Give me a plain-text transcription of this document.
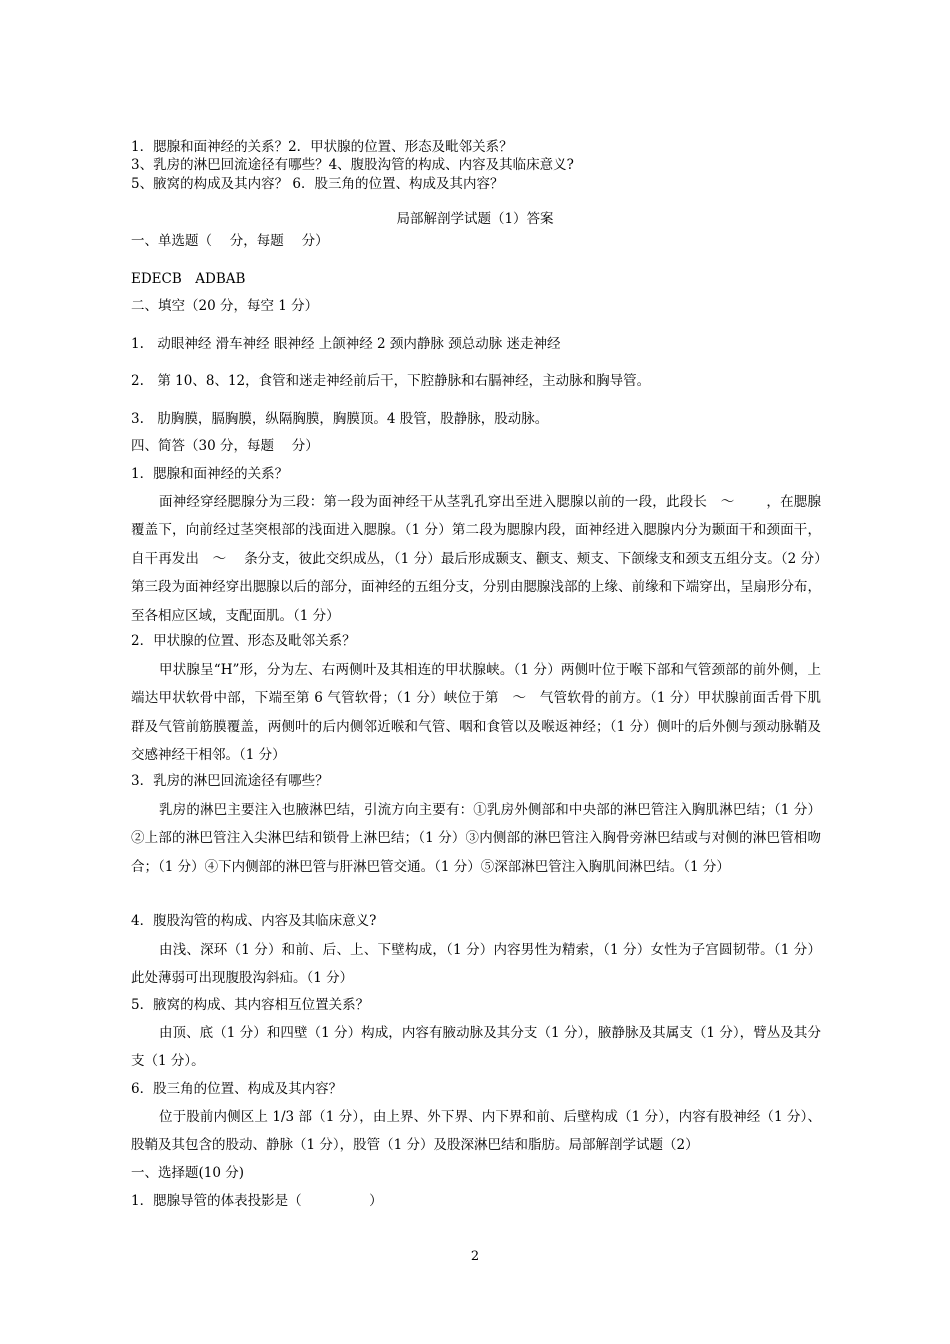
1．腮腺和面神经的关系？2．甲状腺的位置、形态及毗邻关系？
3、乳房的淋巴回流途径有哪些？4、腹股沟管的构成、内容及其临床意义?
5、腋窝的构成及其内容？ 6．股三角的位置、构成及其内容？
局部解剖学试题（1）答案
一、单选题（　 分，每题　 分）
EDECB　ADBAB
二、填空（20 分，每空 1 分）
1.　动眼神经 滑车神经 眼神经 上颌神经 2 颈内静脉 颈总动脉 迷走神经
2.　第 10、8、12，食管和迷走神经前后干，下腔静脉和右膈神经，主动脉和胸导管。
3.　肋胸膜，膈胸膜，纵隔胸膜，胸膜顶。4 股管，股静脉，股动脉。
四、简答（30 分，每题　 分）
1．腮腺和面神经的关系？

面神经穿经腮腺分为三段：第一段为面神经干从茎乳孔穿出至进入腮腺以前的一段，此段长　～　　 ，在腮腺覆盖下，向前经过茎突根部的浅面进入腮腺。（1 分）第二段为腮腺内段，面神经进入腮腺内分为颞面干和颈面干，自干再发出　～　 条分支，彼此交织成丛，（1 分）最后形成颞支、颧支、颊支、下颌缘支和颈支五组分支。（2 分）第三段为面神经穿出腮腺以后的部分，面神经的五组分支，分别由腮腺浅部的上缘、前缘和下端穿出，呈扇形分布，至各相应区域，支配面肌。（1 分）

2．甲状腺的位置、形态及毗邻关系？

甲状腺呈“H”形，分为左、右两侧叶及其相连的甲状腺峡。（1 分）两侧叶位于喉下部和气管颈部的前外侧，上端达甲状软骨中部，下端至第 6 气管软骨；（1 分）峡位于第　～　气管软骨的前方。（1 分）甲状腺前面舌骨下肌群及气管前筋膜覆盖，两侧叶的后内侧邻近喉和气管、咽和食管以及喉返神经；（1 分）侧叶的后外侧与颈动脉鞘及交感神经干相邻。（1 分）

3．乳房的淋巴回流途径有哪些？

乳房的淋巴主要注入也腋淋巴结，引流方向主要有：①乳房外侧部和中央部的淋巴管注入胸肌淋巴结；（1 分）②上部的淋巴管注入尖淋巴结和锁骨上淋巴结；（1 分）③内侧部的淋巴管注入胸骨旁淋巴结或与对侧的淋巴管相吻合；（1 分）④下内侧部的淋巴管与肝淋巴管交通。（1 分）⑤深部淋巴管注入胸肌间淋巴结。（1 分）

4．腹股沟管的构成、内容及其临床意义?

由浅、深环（1 分）和前、后、上、下壁构成，（1 分）内容男性为精索，（1 分）女性为子宫圆韧带。（1 分）此处薄弱可出现腹股沟斜疝。（1 分）

5．腋窝的构成、其内容相互位置关系？

由顶、底（1 分）和四壁（1 分）构成，内容有腋动脉及其分支（1 分），腋静脉及其属支（1 分），臂丛及其分支（1 分）。

6．股三角的位置、构成及其内容？

位于股前内侧区上 1/3 部（1 分），由上界、外下界、内下界和前、后壁构成（1 分），内容有股神经（1 分）、股鞘及其包含的股动、静脉（1 分），股管（1 分）及股深淋巴结和脂肪。局部解剖学试题（2）

一、选择题(10 分)
1．腮腺导管的体表投影是（　　　　　）
2
